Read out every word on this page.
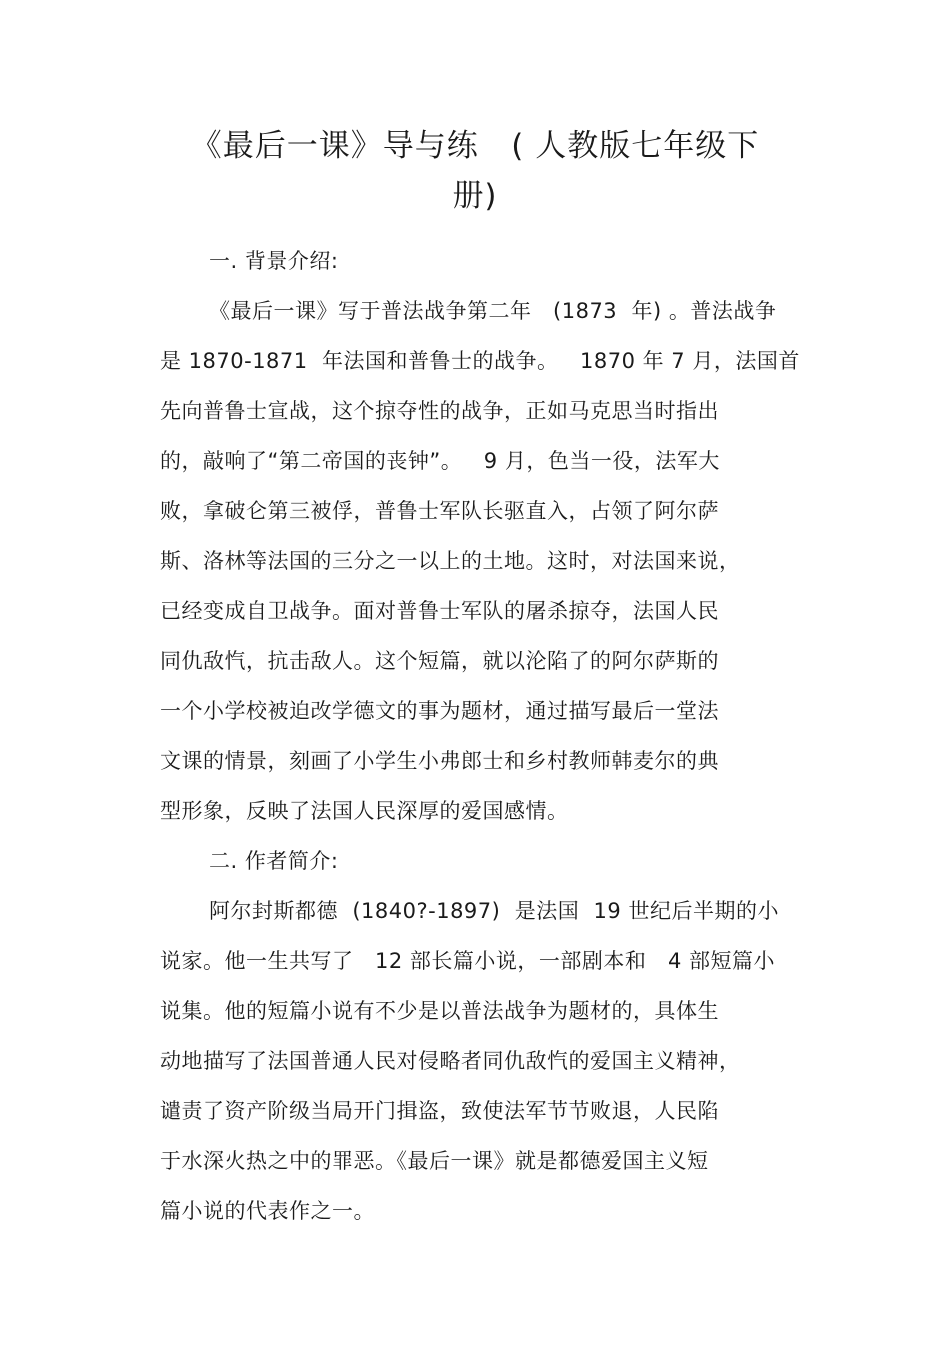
《最后一课》导与练   ( 人教版七年级下
册)
一. 背景介绍:
《最后一课》写于普法战争第二年   (1873  年) 。普法战争
是 1870-1871  年法国和普鲁士的战争。   1870 年 7 月，法国首
先向普鲁士宣战，这个掠夺性的战争，正如马克思当时指出
的，敲响了“第二帝国的丧钟”。   9 月，色当一役，法军大
败，拿破仑第三被俘，普鲁士军队长驱直入，占领了阿尔萨
斯、洛林等法国的三分之一以上的土地。这时，对法国来说，
已经变成自卫战争。面对普鲁士军队的屠杀掠夺，法国人民
同仇敌忾，抗击敌人。这个短篇，就以沦陷了的阿尔萨斯的
一个小学校被迫改学德文的事为题材，通过描写最后一堂法
文课的情景，刻画了小学生小弗郎士和乡村教师韩麦尔的典
型形象，反映了法国人民深厚的爱国感情。
二. 作者简介:
阿尔封斯都德  (1840?-1897)  是法国  19 世纪后半期的小
说家。他一生共写了   12 部长篇小说，一部剧本和   4 部短篇小
说集。他的短篇小说有不少是以普法战争为题材的，具体生
动地描写了法国普通人民对侵略者同仇敌忾的爱国主义精神，
谴责了资产阶级当局开门揖盗，致使法军节节败退，人民陷
于水深火热之中的罪恶。《最后一课》就是都德爱国主义短
篇小说的代表作之一。
